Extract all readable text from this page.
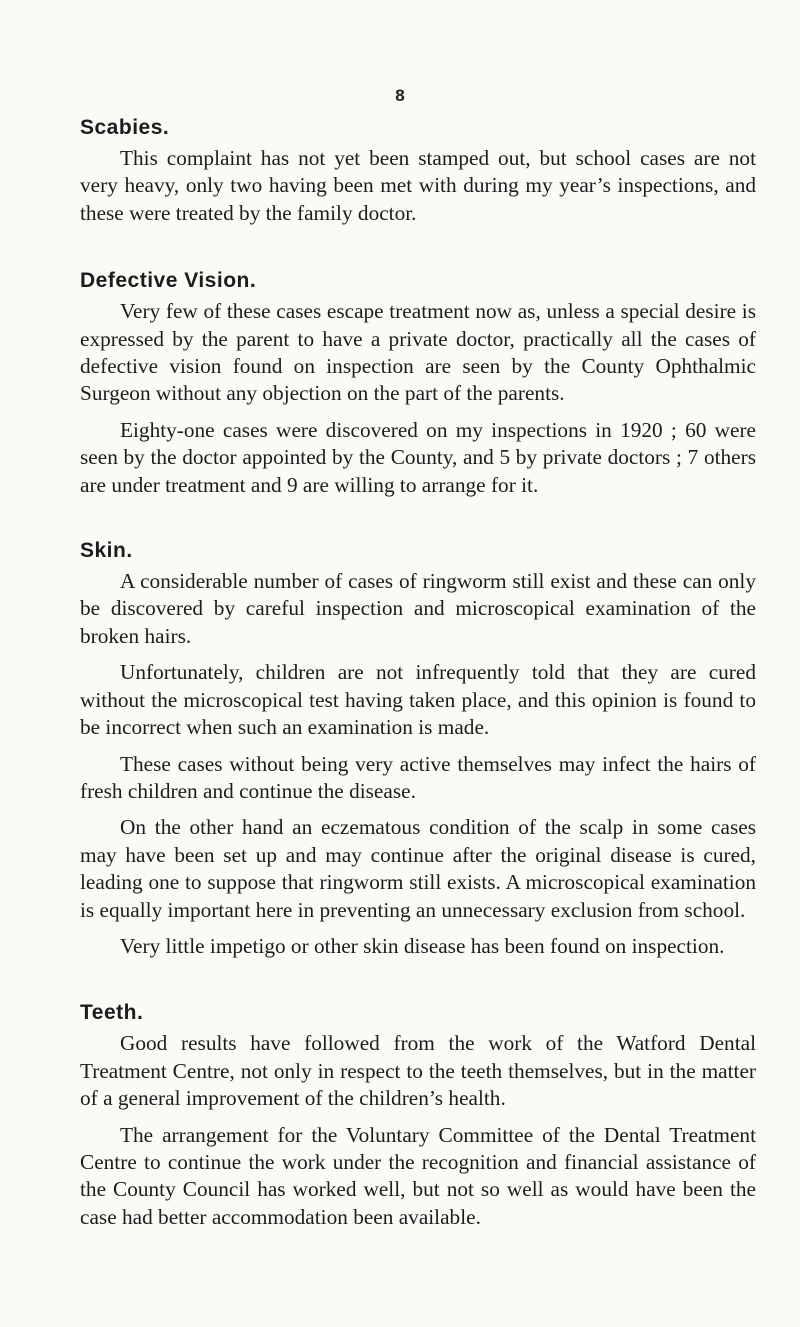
8
Scabies.

This complaint has not yet been stamped out, but school cases are not very heavy, only two having been met with during my year’s inspections, and these were treated by the family doctor.

Defective Vision.

Very few of these cases escape treatment now as, unless a special desire is expressed by the parent to have a private doctor, practically all the cases of defective vision found on inspection are seen by the County Ophthalmic Surgeon without any objection on the part of the parents.

Eighty-one cases were discovered on my inspections in 1920 ; 60 were seen by the doctor appointed by the County, and 5 by private doctors ; 7 others are under treatment and 9 are willing to arrange for it.

Skin.

A considerable number of cases of ringworm still exist and these can only be discovered by careful inspection and microscopical examination of the broken hairs.

Unfortunately, children are not infrequently told that they are cured without the microscopical test having taken place, and this opinion is found to be incorrect when such an examination is made.

These cases without being very active themselves may infect the hairs of fresh children and continue the disease.

On the other hand an eczematous condition of the scalp in some cases may have been set up and may continue after the original disease is cured, leading one to suppose that ringworm still exists. A microscopical examination is equally important here in preventing an unnecessary exclusion from school.

Very little impetigo or other skin disease has been found on inspection.

Teeth.

Good results have followed from the work of the Watford Dental Treatment Centre, not only in respect to the teeth themselves, but in the matter of a general improvement of the children’s health.

The arrangement for the Voluntary Committee of the Dental Treatment Centre to continue the work under the recognition and financial assistance of the County Council has worked well, but not so well as would have been the case had better accommodation been available.
